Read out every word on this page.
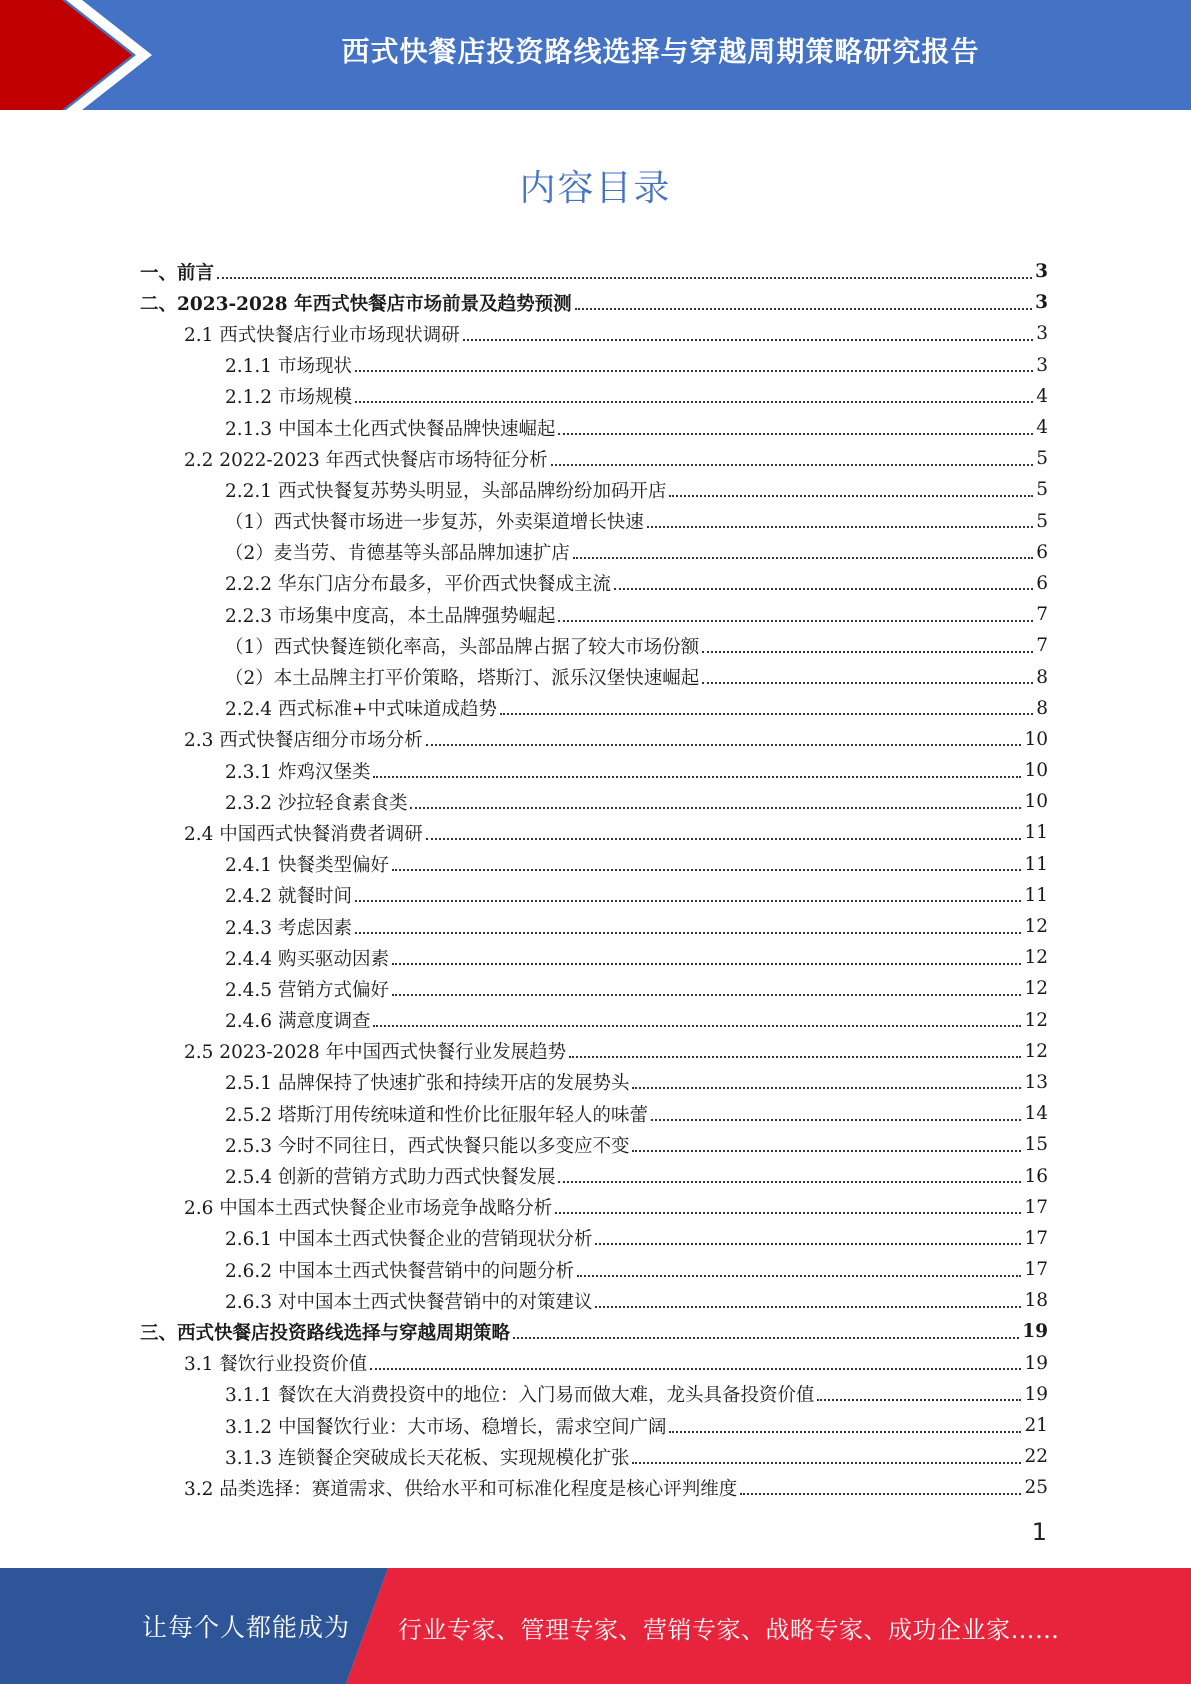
西式快餐店投资路线选择与穿越周期策略研究报告
内容目录
一、前言	3
二、2023-2028 年西式快餐店市场前景及趋势预测	3
2.1 西式快餐店行业市场现状调研	3
2.1.1 市场现状	3
2.1.2 市场规模	4
2.1.3 中国本土化西式快餐品牌快速崛起	4
2.2 2022-2023 年西式快餐店市场特征分析	5
2.2.1 西式快餐复苏势头明显，头部品牌纷纷加码开店	5
（1）西式快餐市场进一步复苏，外卖渠道增长快速	5
（2）麦当劳、肯德基等头部品牌加速扩店	6
2.2.2 华东门店分布最多，平价西式快餐成主流	6
2.2.3 市场集中度高，本土品牌强势崛起	7
（1）西式快餐连锁化率高，头部品牌占据了较大市场份额	7
（2）本土品牌主打平价策略，塔斯汀、派乐汉堡快速崛起	8
2.2.4 西式标准+中式味道成趋势	8
2.3 西式快餐店细分市场分析	10
2.3.1 炸鸡汉堡类	10
2.3.2 沙拉轻食素食类	10
2.4 中国西式快餐消费者调研	11
2.4.1 快餐类型偏好	11
2.4.2 就餐时间	11
2.4.3 考虑因素	12
2.4.4 购买驱动因素	12
2.4.5 营销方式偏好	12
2.4.6 满意度调查	12
2.5 2023-2028 年中国西式快餐行业发展趋势	12
2.5.1 品牌保持了快速扩张和持续开店的发展势头	13
2.5.2 塔斯汀用传统味道和性价比征服年轻人的味蕾	14
2.5.3 今时不同往日，西式快餐只能以多变应不变	15
2.5.4 创新的营销方式助力西式快餐发展	16
2.6 中国本土西式快餐企业市场竞争战略分析	17
2.6.1 中国本土西式快餐企业的营销现状分析	17
2.6.2 中国本土西式快餐营销中的问题分析	17
2.6.3 对中国本土西式快餐营销中的对策建议	18
三、西式快餐店投资路线选择与穿越周期策略	19
3.1 餐饮行业投资价值	19
3.1.1 餐饮在大消费投资中的地位：入门易而做大难，龙头具备投资价值	19
3.1.2 中国餐饮行业：大市场、稳增长，需求空间广阔	21
3.1.3 连锁餐企突破成长天花板、实现规模化扩张	22
3.2 品类选择：赛道需求、供给水平和可标准化程度是核心评判维度	25
1
让每个人都能成为 行业专家、管理专家、营销专家、战略专家、成功企业家……
